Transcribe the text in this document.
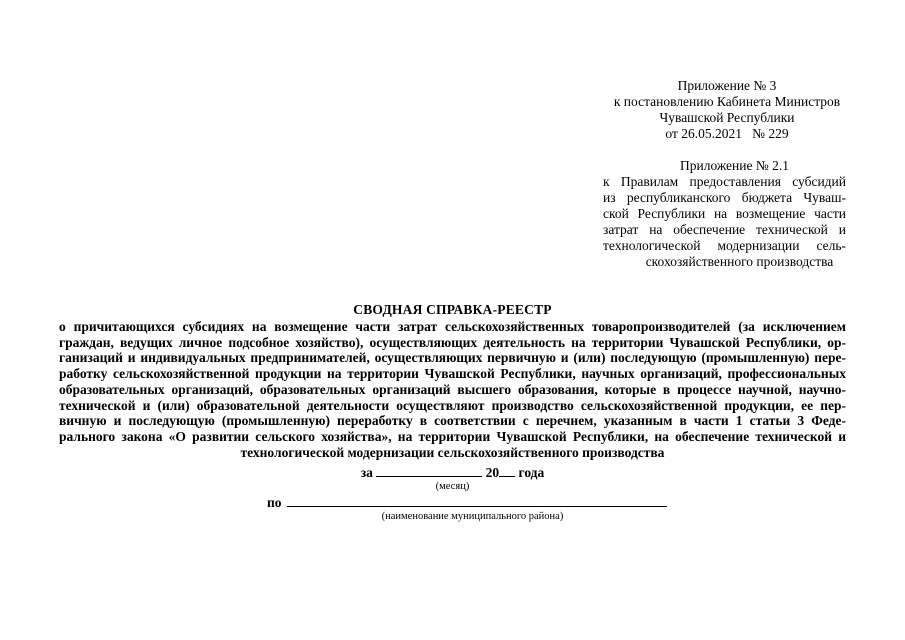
Приложение № 3
к постановлению Кабинета Министров
Чувашской Республики
от 26.05.2021   № 229
Приложение № 2.1
к Правилам предоставления субсидий
из республиканского бюджета Чуваш-
ской Республики на возмещение части
затрат на обеспечение технической и
технологической модернизации сель-
скохозяйственного производства
СВОДНАЯ СПРАВКА-РЕЕСТР
о причитающихся субсидиях на возмещение части затрат сельскохозяйственных товаропроизводителей (за исключением
граждан, ведущих личное подсобное хозяйство), осуществляющих деятельность на территории Чувашской Республики, ор-
ганизаций и индивидуальных предпринимателей, осуществляющих первичную и (или) последующую (промышленную) пере-
работку сельскохозяйственной продукции на территории Чувашской Республики, научных организаций, профессиональных
образовательных организаций, образовательных организаций высшего образования, которые в процессе научной, научно-
технической и (или) образовательной деятельности осуществляют производство сельскохозяйственной продукции, ее пер-
вичную и последующую (промышленную) переработку в соответствии с перечнем, указанным в части 1 статьи 3 Феде-
рального закона «О развитии сельского хозяйства», на территории Чувашской Республики, на обеспечение технической и
технологической модернизации сельскохозяйственного производства
за	20 года
(месяц)
по
(наименование муниципального района)
